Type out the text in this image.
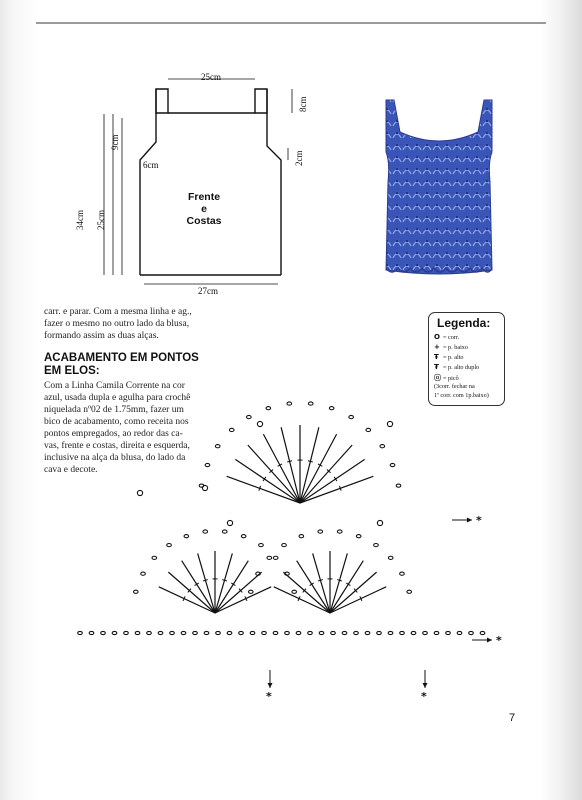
25cm
8cm
9cm
2cm
6cm
34cm 25cm
27cm
Frente
e Costas
carr. e parar. Com a mesma linha e ag.,
fazer o mesmo no outro lado da blusa,
formando assim as duas alças.
ACABAMENTO EM PONTOS
EM ELOS:
Com a Linha Camila Corrente na cor
azul, usada dupla e agulha para crochê
niquelada nº02 de 1.75mm, fazer um
bico de acabamento, como receita nos
pontos empregados, ao redor das ca-
vas, frente e costas, direita e esquerda,
inclusive na alça da blusa, do lado da
cava e decote.
Legenda:
O = corr.
+ = p. baixo
Ŧ = p. alto
₮ = p. alto duplo
ⓞ = picô
(3corr. fechar na
1ª corr. com 1p.baixo)
*
*
*	*
7
